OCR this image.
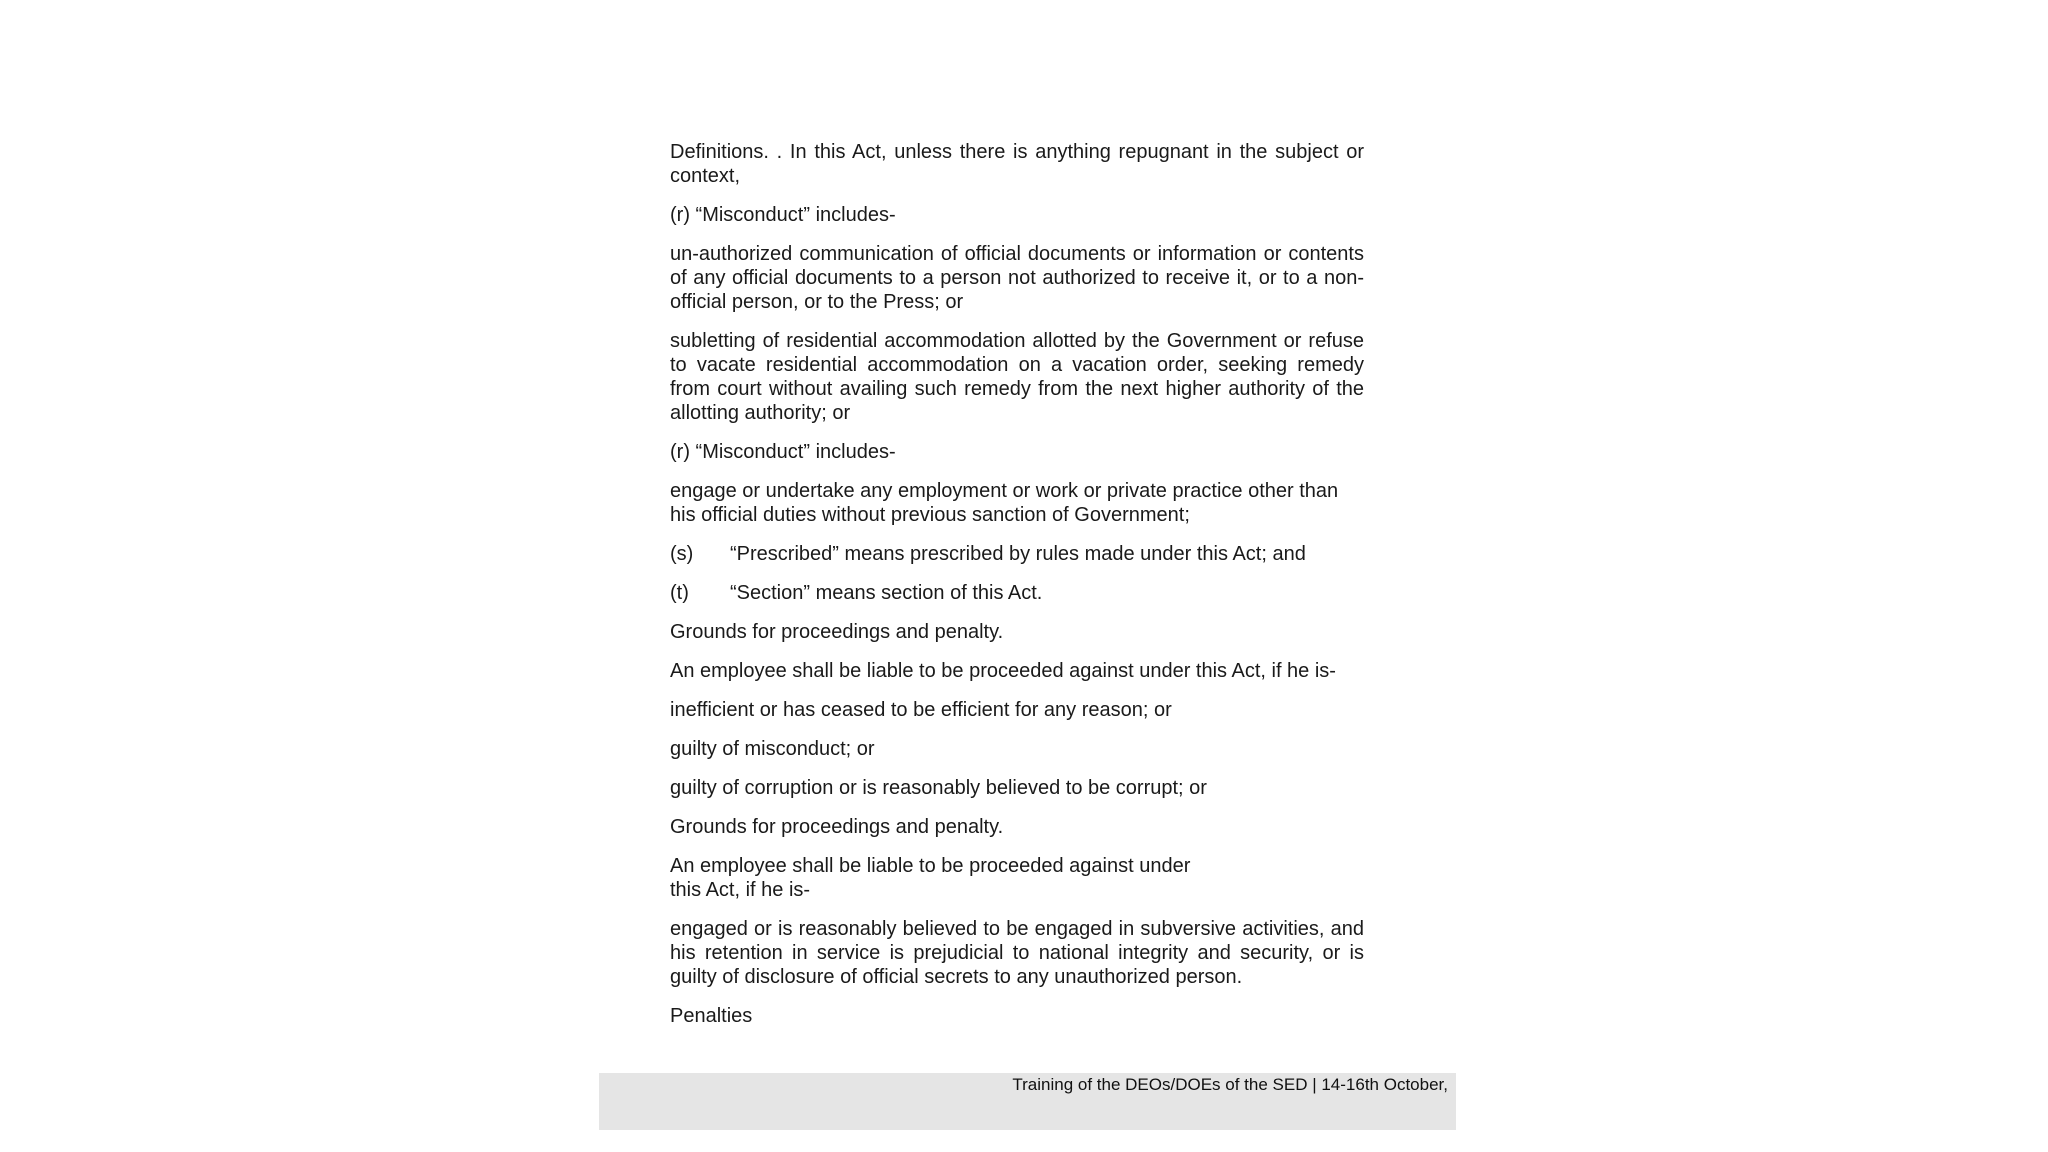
Definitions. . In this Act, unless there is anything repugnant in the subject or context,

(r) “Misconduct” includes-

un-authorized communication of official documents or information or contents of any official documents to a person not authorized to receive it, or to a non-official person, or to the Press; or

subletting of residential accommodation allotted by the Government or refuse to vacate residential accommodation on a vacation order, seeking remedy from court without availing such remedy from the next higher authority of the allotting authority; or

(r) “Misconduct” includes-

engage or undertake any employment or work or private practice other than his official duties without previous sanction of Government;

(s)	“Prescribed” means prescribed by rules made under this Act; and

(t)	“Section” means section of this Act.

Grounds for proceedings and penalty.

An employee shall be liable to be proceeded against under this Act, if he is-

inefficient or has ceased to be efficient for any reason; or

guilty of misconduct; or

guilty of corruption or is reasonably believed to be corrupt; or

Grounds for proceedings and penalty.

An employee shall be liable to be proceeded against under
this Act, if he is-

engaged or is reasonably believed to be engaged in subversive activities, and his retention in service is prejudicial to national integrity and security, or is guilty of disclosure of official secrets to any unauthorized person.

Penalties

Training of the DEOs/DOEs of the SED | 14-16th October,
